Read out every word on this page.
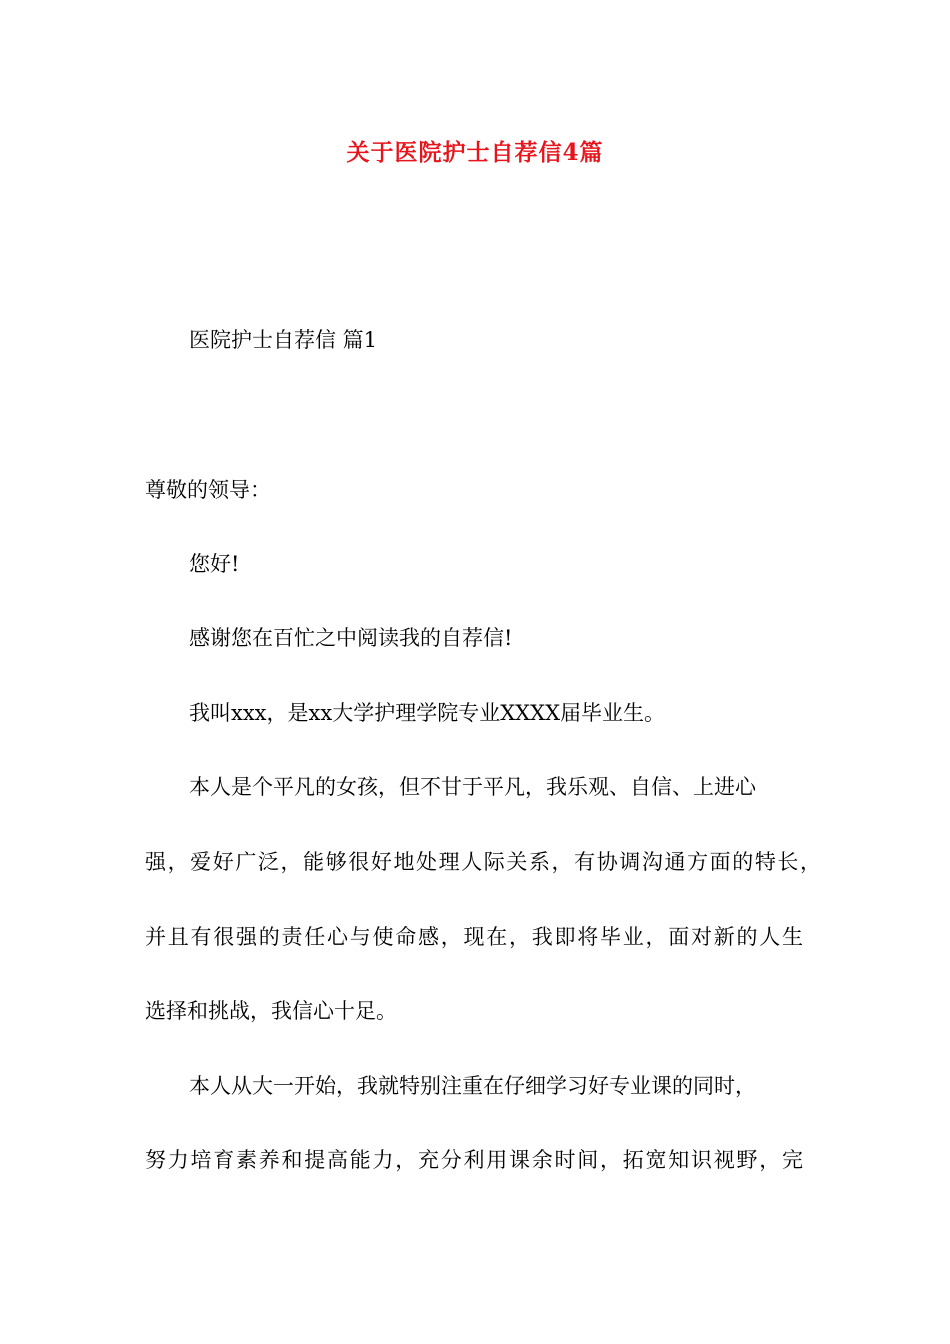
关于医院护士自荐信4篇
医院护士自荐信 篇1
尊敬的领导：
您好!
感谢您在百忙之中阅读我的自荐信!
我叫xxx，是xx大学护理学院专业XXXX届毕业生。
本人是个平凡的女孩，但不甘于平凡，我乐观、自信、上进心
强，爱好广泛，能够很好地处理人际关系，有协调沟通方面的特长，
并且有很强的责任心与使命感，现在，我即将毕业，面对新的人生
选择和挑战，我信心十足。
本人从大一开始，我就特别注重在仔细学习好专业课的同时，
努力培育素养和提高能力，充分利用课余时间，拓宽知识视野，完
